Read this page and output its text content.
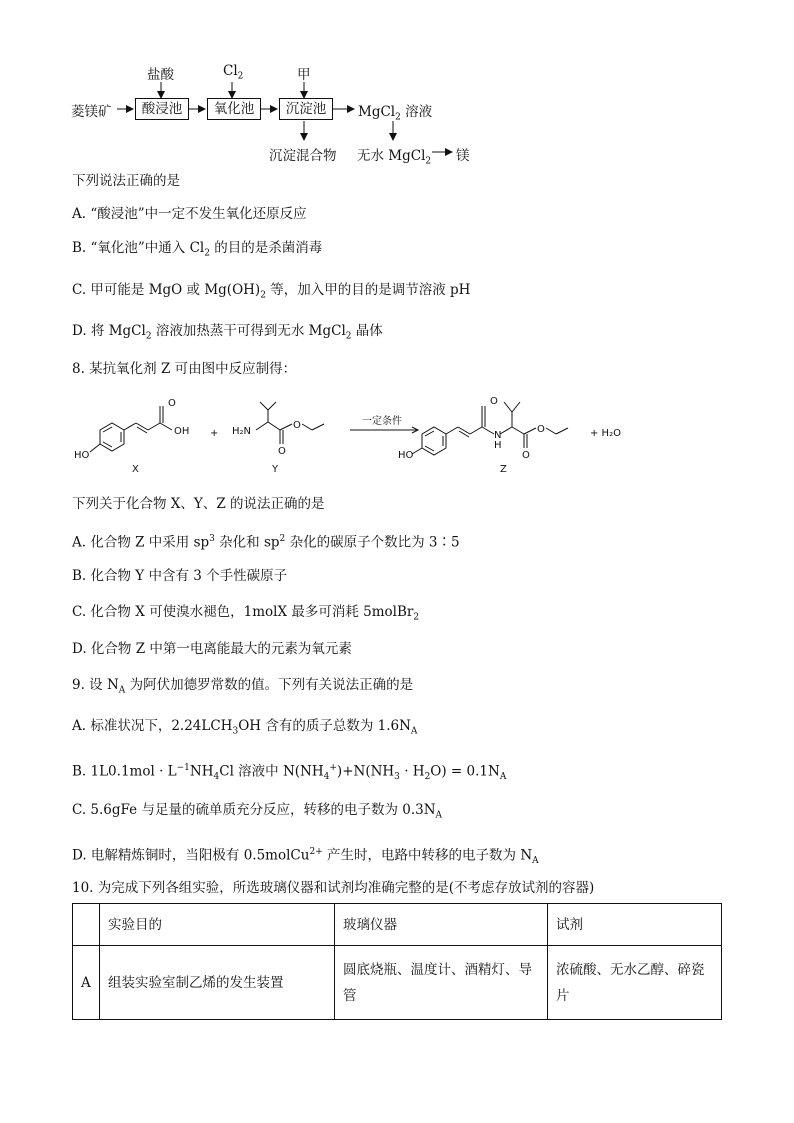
菱镁矿	酸浸池	氧化池	沉淀池
盐酸	$Cl_2$	甲
MgCl$_2$ 溶液
沉淀混合物 无水 MgCl$_2$ 镁
下列说法正确的是
A. “酸浸池”中一定不发生氧化还原反应
B. “氧化池”中通入 $Cl_2$ 的目的是杀菌消毒
C. 甲可能是 MgO 或 $Mg(OH)_2$ 等，加入甲的目的是调节溶液 pH
D. 将 MgCl$_2$ 溶液加热蒸干可得到无水 MgCl$_2$ 晶体
8. 某抗氧化剂 Z 可由图中反应制得：
O
OH
HO
X
+ H₂N
O
O
Y
一定条件
HO
O
N
H
O
O
Z
+ H₂O
下列关于化合物 X、Y、Z 的说法正确的是
A. 化合物 Z 中采用 $sp^3$ 杂化和 $sp^2$ 杂化的碳原子个数比为 3∶5
B. 化合物 Y 中含有 3 个手性碳原子
C. 化合物 X 可使溴水褪色，1molX 最多可消耗 5molBr$_2$
D. 化合物 Z 中第一电离能最大的元素为氧元素
9. 设 $N_A$ 为阿伏加德罗常数的值。下列有关说法正确的是
A. 标准状况下，$2.24LCH_3OH$ 含有的质子总数为 $1.6N_A$
B. $1L0.1mol \cdot L^{-1}NH_4Cl$ 溶液中 $N(NH_4^+)+N(NH_3 \cdot H_2O) = 0.1N_A$
C. 5.6gFe 与足量的硫单质充分反应，转移的电子数为 $0.3N_A$
D. 电解精炼铜时，当阳极有 0.5molCu$^{2+}$ 产生时，电路中转移的电子数为 $N_A$
10. 为完成下列各组实验，所选玻璃仪器和试剂均准确完整的是(不考虑存放试剂的容器)
	实验目的	玻璃仪器	试剂
A	组装实验室制乙烯的发生装置	圆底烧瓶、温度计、酒精灯、导管	浓硫酸、无水乙醇、碎瓷片
